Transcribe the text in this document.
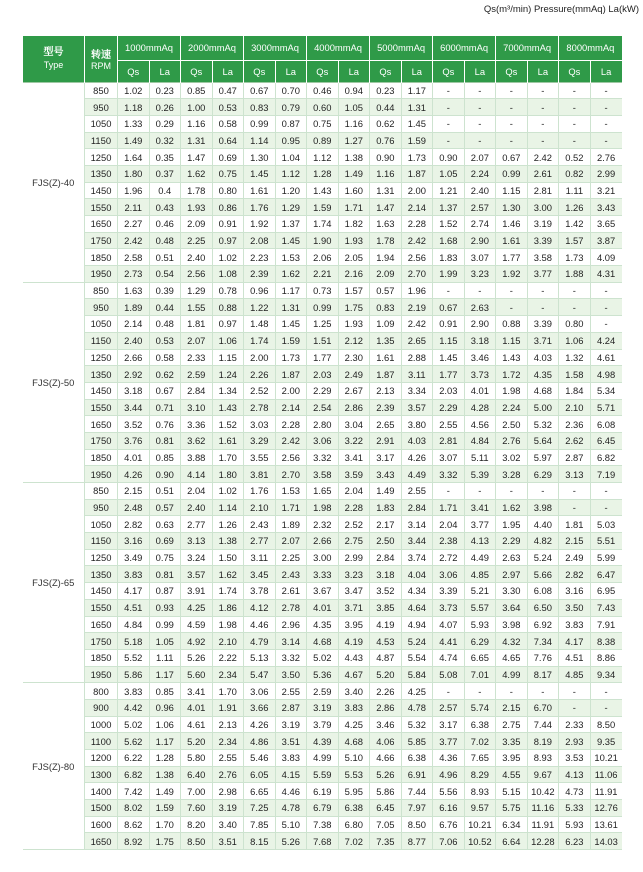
Qs(m³/min) Pressure(mmAq) La(kW)
型号
Type	转速
RPM	1000mmAq		2000mmAq		3000mmAq		4000mmAq		5000mmAq		6000mmAq		7000mmAq		8000mmAq	
		Qs	La	Qs	La	Qs	La	Qs	La	Qs	La	Qs	La	Qs	La	Qs	La
FJS(Z)-40	850	1.02	0.23	0.85	0.47	0.67	0.70	0.46	0.94	0.23	1.17	-	-	-	-	-	-
	950	1.18	0.26	1.00	0.53	0.83	0.79	0.60	1.05	0.44	1.31	-	-	-	-	-	-
	1050	1.33	0.29	1.16	0.58	0.99	0.87	0.75	1.16	0.62	1.45	-	-	-	-	-	-
	1150	1.49	0.32	1.31	0.64	1.14	0.95	0.89	1.27	0.76	1.59	-	-	-	-	-	-
	1250	1.64	0.35	1.47	0.69	1.30	1.04	1.12	1.38	0.90	1.73	0.90	2.07	0.67	2.42	0.52	2.76
	1350	1.80	0.37	1.62	0.75	1.45	1.12	1.28	1.49	1.16	1.87	1.05	2.24	0.99	2.61	0.82	2.99
	1450	1.96	0.4	1.78	0.80	1.61	1.20	1.43	1.60	1.31	2.00	1.21	2.40	1.15	2.81	1.11	3.21
	1550	2.11	0.43	1.93	0.86	1.76	1.29	1.59	1.71	1.47	2.14	1.37	2.57	1.30	3.00	1.26	3.43
	1650	2.27	0.46	2.09	0.91	1.92	1.37	1.74	1.82	1.63	2.28	1.52	2.74	1.46	3.19	1.42	3.65
	1750	2.42	0.48	2.25	0.97	2.08	1.45	1.90	1.93	1.78	2.42	1.68	2.90	1.61	3.39	1.57	3.87
	1850	2.58	0.51	2.40	1.02	2.23	1.53	2.06	2.05	1.94	2.56	1.83	3.07	1.77	3.58	1.73	4.09
	1950	2.73	0.54	2.56	1.08	2.39	1.62	2.21	2.16	2.09	2.70	1.99	3.23	1.92	3.77	1.88	4.31
FJS(Z)-50	850	1.63	0.39	1.29	0.78	0.96	1.17	0.73	1.57	0.57	1.96	-	-	-	-	-	-
	950	1.89	0.44	1.55	0.88	1.22	1.31	0.99	1.75	0.83	2.19	0.67	2.63	-	-	-	-
	1050	2.14	0.48	1.81	0.97	1.48	1.45	1.25	1.93	1.09	2.42	0.91	2.90	0.88	3.39	0.80	-
	1150	2.40	0.53	2.07	1.06	1.74	1.59	1.51	2.12	1.35	2.65	1.15	3.18	1.15	3.71	1.06	4.24
	1250	2.66	0.58	2.33	1.15	2.00	1.73	1.77	2.30	1.61	2.88	1.45	3.46	1.43	4.03	1.32	4.61
	1350	2.92	0.62	2.59	1.24	2.26	1.87	2.03	2.49	1.87	3.11	1.77	3.73	1.72	4.35	1.58	4.98
	1450	3.18	0.67	2.84	1.34	2.52	2.00	2.29	2.67	2.13	3.34	2.03	4.01	1.98	4.68	1.84	5.34
	1550	3.44	0.71	3.10	1.43	2.78	2.14	2.54	2.86	2.39	3.57	2.29	4.28	2.24	5.00	2.10	5.71
	1650	3.52	0.76	3.36	1.52	3.03	2.28	2.80	3.04	2.65	3.80	2.55	4.56	2.50	5.32	2.36	6.08
	1750	3.76	0.81	3.62	1.61	3.29	2.42	3.06	3.22	2.91	4.03	2.81	4.84	2.76	5.64	2.62	6.45
	1850	4.01	0.85	3.88	1.70	3.55	2.56	3.32	3.41	3.17	4.26	3.07	5.11	3.02	5.97	2.87	6.82
	1950	4.26	0.90	4.14	1.80	3.81	2.70	3.58	3.59	3.43	4.49	3.32	5.39	3.28	6.29	3.13	7.19
FJS(Z)-65	850	2.15	0.51	2.04	1.02	1.76	1.53	1.65	2.04	1.49	2.55	-	-	-	-	-	-
	950	2.48	0.57	2.40	1.14	2.10	1.71	1.98	2.28	1.83	2.84	1.71	3.41	1.62	3.98	-	-
	1050	2.82	0.63	2.77	1.26	2.43	1.89	2.32	2.52	2.17	3.14	2.04	3.77	1.95	4.40	1.81	5.03
	1150	3.16	0.69	3.13	1.38	2.77	2.07	2.66	2.75	2.50	3.44	2.38	4.13	2.29	4.82	2.15	5.51
	1250	3.49	0.75	3.24	1.50	3.11	2.25	3.00	2.99	2.84	3.74	2.72	4.49	2.63	5.24	2.49	5.99
	1350	3.83	0.81	3.57	1.62	3.45	2.43	3.33	3.23	3.18	4.04	3.06	4.85	2.97	5.66	2.82	6.47
	1450	4.17	0.87	3.91	1.74	3.78	2.61	3.67	3.47	3.52	4.34	3.39	5.21	3.30	6.08	3.16	6.95
	1550	4.51	0.93	4.25	1.86	4.12	2.78	4.01	3.71	3.85	4.64	3.73	5.57	3.64	6.50	3.50	7.43
	1650	4.84	0.99	4.59	1.98	4.46	2.96	4.35	3.95	4.19	4.94	4.07	5.93	3.98	6.92	3.83	7.91
	1750	5.18	1.05	4.92	2.10	4.79	3.14	4.68	4.19	4.53	5.24	4.41	6.29	4.32	7.34	4.17	8.38
	1850	5.52	1.11	5.26	2.22	5.13	3.32	5.02	4.43	4.87	5.54	4.74	6.65	4.65	7.76	4.51	8.86
	1950	5.86	1.17	5.60	2.34	5.47	3.50	5.36	4.67	5.20	5.84	5.08	7.01	4.99	8.17	4.85	9.34
FJS(Z)-80	800	3.83	0.85	3.41	1.70	3.06	2.55	2.59	3.40	2.26	4.25	-	-	-	-	-	-
	900	4.42	0.96	4.01	1.91	3.66	2.87	3.19	3.83	2.86	4.78	2.57	5.74	2.15	6.70	-	-
	1000	5.02	1.06	4.61	2.13	4.26	3.19	3.79	4.25	3.46	5.32	3.17	6.38	2.75	7.44	2.33	8.50
	1100	5.62	1.17	5.20	2.34	4.86	3.51	4.39	4.68	4.06	5.85	3.77	7.02	3.35	8.19	2.93	9.35
	1200	6.22	1.28	5.80	2.55	5.46	3.83	4.99	5.10	4.66	6.38	4.36	7.65	3.95	8.93	3.53	10.21
	1300	6.82	1.38	6.40	2.76	6.05	4.15	5.59	5.53	5.26	6.91	4.96	8.29	4.55	9.67	4.13	11.06
	1400	7.42	1.49	7.00	2.98	6.65	4.46	6.19	5.95	5.86	7.44	5.56	8.93	5.15	10.42	4.73	11.91
	1500	8.02	1.59	7.60	3.19	7.25	4.78	6.79	6.38	6.45	7.97	6.16	9.57	5.75	11.16	5.33	12.76
	1600	8.62	1.70	8.20	3.40	7.85	5.10	7.38	6.80	7.05	8.50	6.76	10.21	6.34	11.91	5.93	13.61
	1650	8.92	1.75	8.50	3.51	8.15	5.26	7.68	7.02	7.35	8.77	7.06	10.52	6.64	12.28	6.23	14.03
